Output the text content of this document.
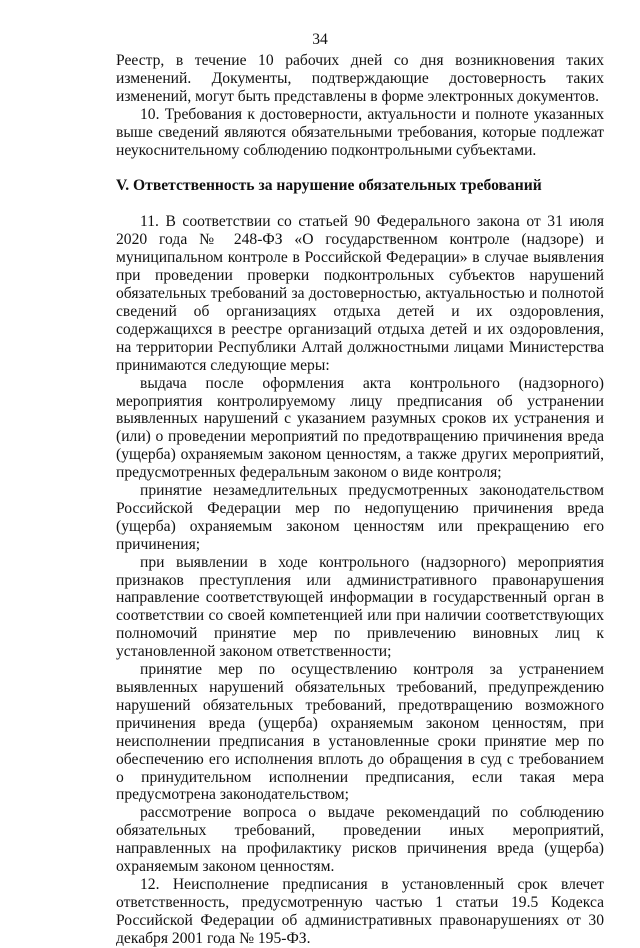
34

Реестр, в течение 10 рабочих дней со дня возникновения таких изменений. Документы, подтверждающие достоверность таких изменений, могут быть представлены в форме электронных документов.

10. Требования к достоверности, актуальности и полноте указанных выше сведений являются обязательными требования, которые подлежат неукоснительному соблюдению подконтрольными субъектами.

V. Ответственность за нарушение обязательных требований

11. В соответствии со статьей 90 Федерального закона от 31 июля 2020 года № 248-ФЗ «О государственном контроле (надзоре) и муниципальном контроле в Российской Федерации» в случае выявления при проведении проверки подконтрольных субъектов нарушений обязательных требований за достоверностью, актуальностью и полнотой сведений об организациях отдыха детей и их оздоровления, содержащихся в реестре организаций отдыха детей и их оздоровления, на территории Республики Алтай должностными лицами Министерства принимаются следующие меры:

выдача после оформления акта контрольного (надзорного) мероприятия контролируемому лицу предписания об устранении выявленных нарушений с указанием разумных сроков их устранения и (или) о проведении мероприятий по предотвращению причинения вреда (ущерба) охраняемым законом ценностям, а также других мероприятий, предусмотренных федеральным законом о виде контроля;

принятие незамедлительных предусмотренных законодательством Российской Федерации мер по недопущению причинения вреда (ущерба) охраняемым законом ценностям или прекращению его причинения;

при выявлении в ходе контрольного (надзорного) мероприятия признаков преступления или административного правонарушения направление соответствующей информации в государственный орган в соответствии со своей компетенцией или при наличии соответствующих полномочий принятие мер по привлечению виновных лиц к установленной законом ответственности;

принятие мер по осуществлению контроля за устранением выявленных нарушений обязательных требований, предупреждению нарушений обязательных требований, предотвращению возможного причинения вреда (ущерба) охраняемым законом ценностям, при неисполнении предписания в установленные сроки принятие мер по обеспечению его исполнения вплоть до обращения в суд с требованием о принудительном исполнении предписания, если такая мера предусмотрена законодательством;

рассмотрение вопроса о выдаче рекомендаций по соблюдению обязательных требований, проведении иных мероприятий, направленных на профилактику рисков причинения вреда (ущерба) охраняемым законом ценностям.

12. Неисполнение предписания в установленный срок влечет ответственность, предусмотренную частью 1 статьи 19.5 Кодекса Российской Федерации об административных правонарушениях от 30 декабря 2001 года № 195-ФЗ.
